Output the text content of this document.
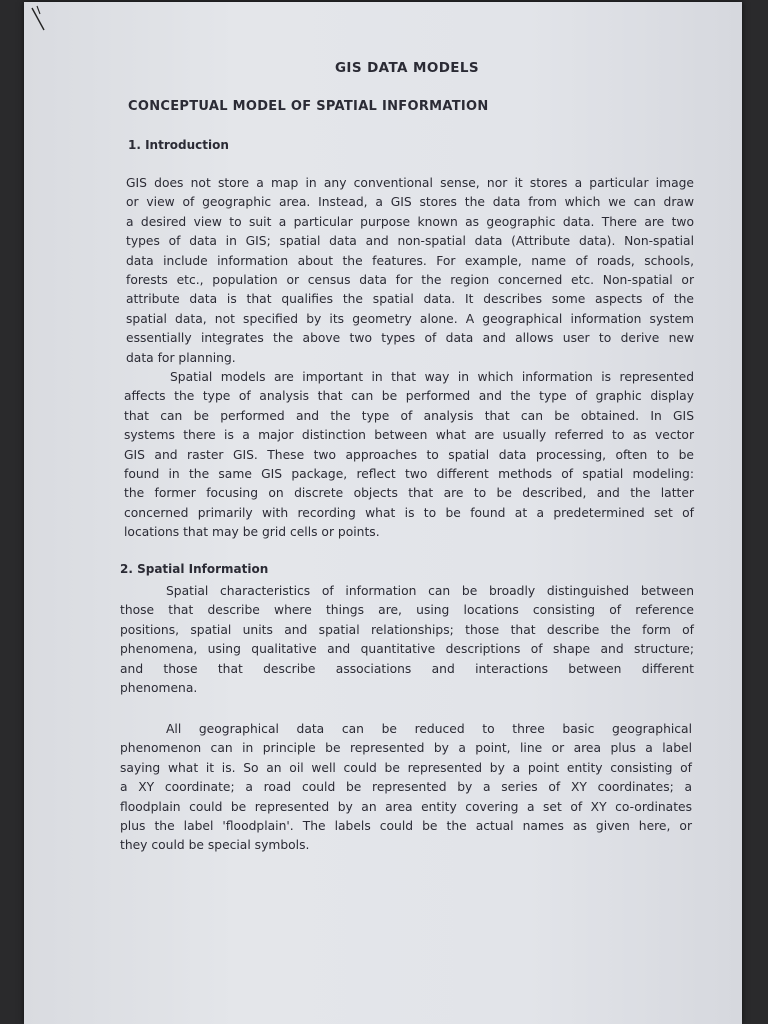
GIS DATA MODELS
CONCEPTUAL MODEL OF SPATIAL INFORMATION
1. Introduction
GIS does not store a map in any conventional sense, nor it stores a particular image
or view of geographic area. Instead, a GIS stores the data from which we can draw
a desired view to suit a particular purpose known as geographic data. There are two
types of data in GIS; spatial data and non-spatial data (Attribute data). Non-spatial
data include information about the features. For example, name of roads, schools,
forests etc., population or census data for the region concerned etc. Non-spatial or
attribute data is that qualifies the spatial data. It describes some aspects of the
spatial data, not specified by its geometry alone. A geographical information system
essentially integrates the above two types of data and allows user to derive new
data for planning.
Spatial models are important in that way in which information is represented
affects the type of analysis that can be performed and the type of graphic display
that can be performed and the type of analysis that can be obtained. In GIS
systems there is a major distinction between what are usually referred to as vector
GIS and raster GIS. These two approaches to spatial data processing, often to be
found in the same GIS package, reflect two different methods of spatial modeling:
the former focusing on discrete objects that are to be described, and the latter
concerned primarily with recording what is to be found at a predetermined set of
locations that may be grid cells or points.
2. Spatial Information
Spatial characteristics of information can be broadly distinguished between
those that describe where things are, using locations consisting of reference
positions, spatial units and spatial relationships; those that describe the form of
phenomena, using qualitative and quantitative descriptions of shape and structure;
and those that describe associations and interactions between different
phenomena.
All geographical data can be reduced to three basic geographical
phenomenon can in principle be represented by a point, line or area plus a label
saying what it is. So an oil well could be represented by a point entity consisting of
a XY coordinate; a road could be represented by a series of XY coordinates; a
floodplain could be represented by an area entity covering a set of XY co-ordinates
plus the label 'floodplain'. The labels could be the actual names as given here, or
they could be special symbols.
